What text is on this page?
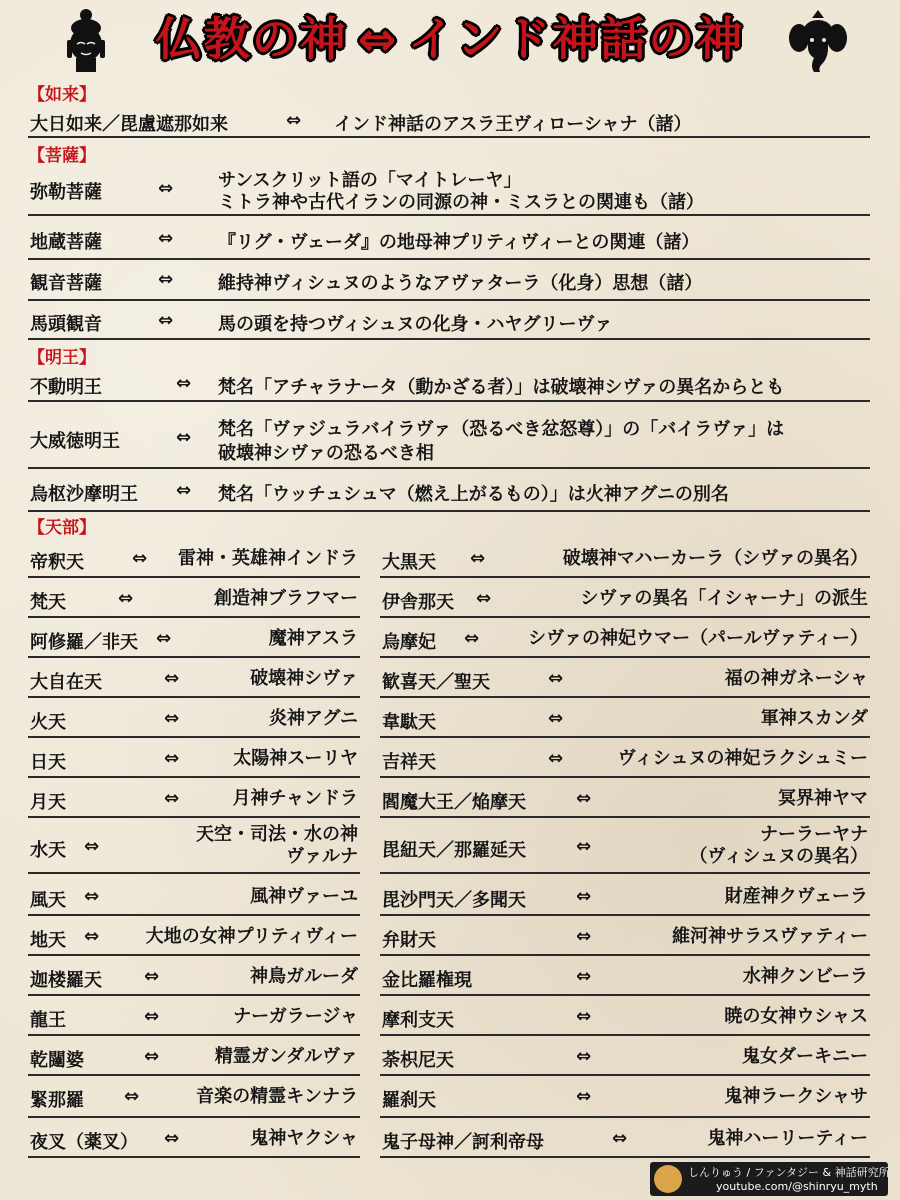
仏教の神 ⇔ インド神話の神
【如来】
大日如来／毘盧遮那如来	⇔ インド神話のアスラ王ヴィローシャナ（諸）
【菩薩】
弥勒菩薩	⇔ サンスクリット語の「マイトレーヤ」
ミトラ神や古代イランの同源の神・ミスラとの関連も（諸）
地蔵菩薩	⇔ 『リグ・ヴェーダ』の地母神プリティヴィーとの関連（諸）
観音菩薩	⇔ 維持神ヴィシュヌのようなアヴァターラ（化身）思想（諸）
馬頭観音	⇔ 馬の頭を持つヴィシュヌの化身・ハヤグリーヴァ
【明王】
不動明王	⇔ 梵名「アチャラナータ（動かざる者）」は破壊神シヴァの異名からとも
大威徳明王	⇔ 梵名「ヴァジュラバイラヴァ（恐るべき忿怒尊）」の「バイラヴァ」は
破壊神シヴァの恐るべき相
烏枢沙摩明王 ⇔ 梵名「ウッチュシュマ（燃え上がるもの）」は火神アグニの別名
【天部】
帝釈天	⇔ 雷神・英雄神インドラ
梵天	⇔	創造神ブラフマー
阿修羅／非天 ⇔	魔神アスラ
大自在天	⇔	破壊神シヴァ
火天	⇔	炎神アグニ
日天	⇔	太陽神スーリヤ
月天	⇔	月神チャンドラ
水天 ⇔
天空・司法・水の神
ヴァルナ
風天 ⇔	風神ヴァーユ
地天 ⇔	大地の女神プリティヴィー
迦楼羅天 ⇔	神鳥ガルーダ
龍王	⇔	ナーガラージャ
乾闥婆	⇔	精霊ガンダルヴァ
緊那羅 ⇔	音楽の精霊キンナラ
夜叉（薬叉） ⇔	鬼神ヤクシャ
大黒天 ⇔	破壊神マハーカーラ（シヴァの異名）
伊舎那天 ⇔	シヴァの異名「イシャーナ」の派生
烏摩妃 ⇔	シヴァの神妃ウマー（パールヴァティー）
歓喜天／聖天	⇔	福の神ガネーシャ
韋駄天	⇔	軍神スカンダ
吉祥天	⇔	ヴィシュヌの神妃ラクシュミー
閻魔大王／焔摩天	⇔	冥界神ヤマ
毘紐天／那羅延天	⇔
ナーラーヤナ
（ヴィシュヌの異名）
毘沙門天／多聞天	⇔	財産神クヴェーラ
弁財天	⇔	維河神サラスヴァティー
金比羅権現	⇔	水神クンビーラ
摩利支天	⇔	暁の女神ウシャス
荼枳尼天	⇔	鬼女ダーキニー
羅刹天	⇔	鬼神ラークシャサ
鬼子母神／訶利帝母	⇔	鬼神ハーリーティー
しんりゅう / ファンタジー & 神話研究所
youtube.com/@shinryu_myth
